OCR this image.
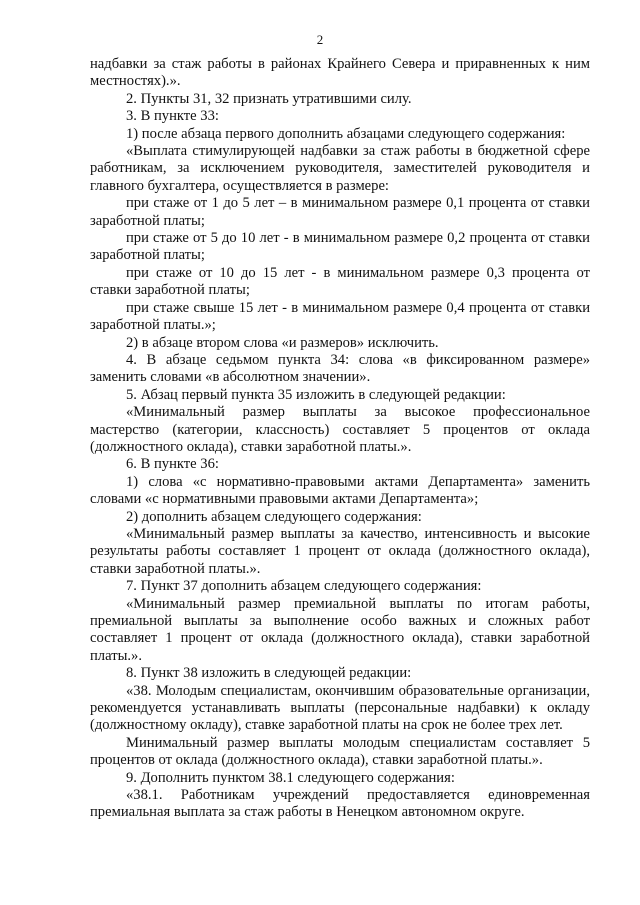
2

надбавки за стаж работы в районах Крайнего Севера и приравненных к ним местностях).».

2. Пункты 31, 32 признать утратившими силу.

3. В пункте 33:

1) после абзаца первого дополнить абзацами следующего содержания:

«Выплата стимулирующей надбавки за стаж работы в бюджетной сфере работникам, за исключением руководителя, заместителей руководителя и главного бухгалтера, осуществляется в размере:

при стаже от 1 до 5 лет – в минимальном размере 0,1 процента от ставки заработной платы;

при стаже от 5 до 10 лет - в минимальном размере 0,2 процента от ставки заработной платы;

при стаже от 10 до 15 лет - в минимальном размере 0,3 процента от ставки заработной платы;

при стаже свыше 15 лет - в минимальном размере 0,4 процента от ставки заработной платы.»;

2) в абзаце втором слова «и размеров» исключить.

4. В абзаце седьмом пункта 34: слова «в фиксированном размере» заменить словами «в абсолютном значении».

5. Абзац первый пункта 35 изложить в следующей редакции:

«Минимальный размер выплаты за высокое профессиональное мастерство (категории, классность) составляет 5 процентов от оклада (должностного оклада), ставки заработной платы.».

6. В пункте 36:

1) слова «с нормативно-правовыми актами Департамента» заменить словами «с нормативными правовыми актами Департамента»;

2) дополнить абзацем следующего содержания:

«Минимальный размер выплаты за качество, интенсивность и высокие результаты работы составляет 1 процент от оклада (должностного оклада), ставки заработной платы.».

7. Пункт 37 дополнить абзацем следующего содержания:

«Минимальный размер премиальной выплаты по итогам работы, премиальной выплаты за выполнение особо важных и сложных работ составляет 1 процент от оклада (должностного оклада), ставки заработной платы.».

8. Пункт 38 изложить в следующей редакции:

«38. Молодым специалистам, окончившим образовательные организации, рекомендуется устанавливать выплаты (персональные надбавки) к окладу (должностному окладу), ставке заработной платы на срок не более трех лет.

Минимальный размер выплаты молодым специалистам составляет 5 процентов от оклада (должностного оклада), ставки заработной платы.».

9. Дополнить пунктом 38.1 следующего содержания:

«38.1. Работникам учреждений предоставляется единовременная премиальная выплата за стаж работы в Ненецком автономном округе.
